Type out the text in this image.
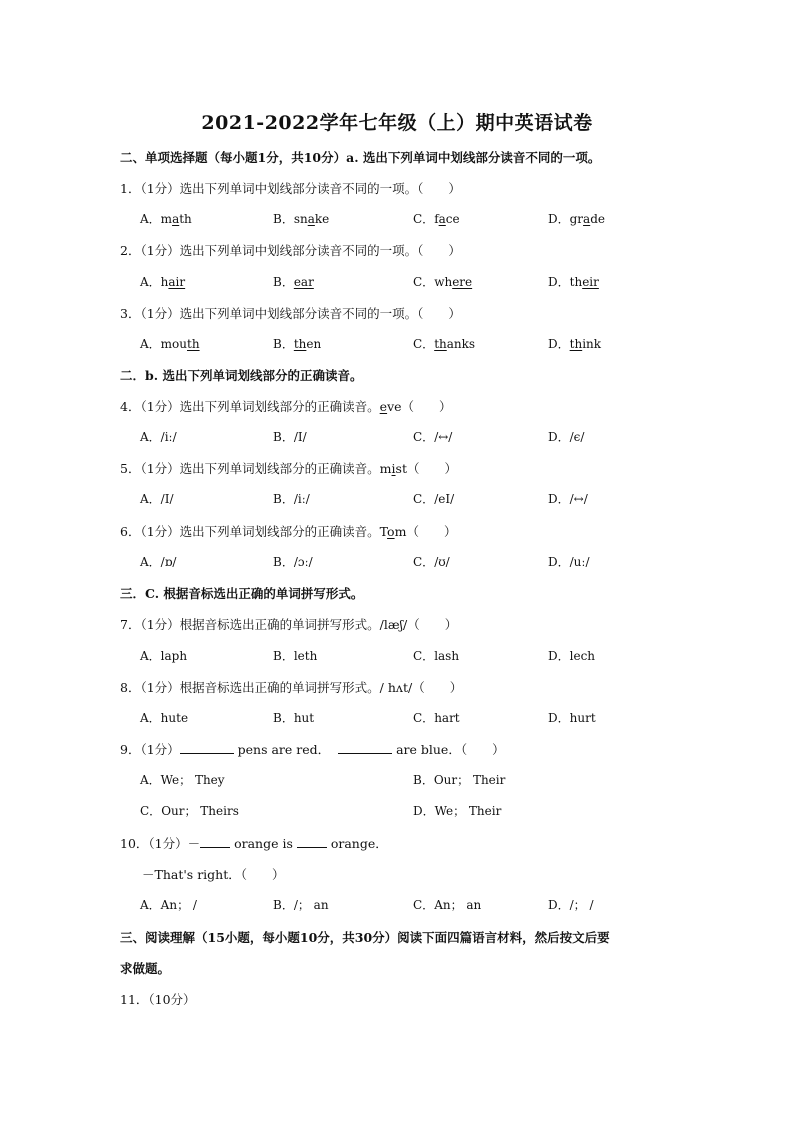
2021-2022学年七年级（上）期中英语试卷
二、单项选择题（每小题1分，共10分）a. 选出下列单词中划线部分读音不同的一项。
1．（1分）选出下列单词中划线部分读音不同的一项。（　　）
A．math	B．snake	C．face	D．grade
2．（1分）选出下列单词中划线部分读音不同的一项。（　　）
A．hair	B．ear	C．where	D．their
3．（1分）选出下列单词中划线部分读音不同的一项。（　　）
A．mouth	B．then	C．thanks	D．think
二．b. 选出下列单词划线部分的正确读音。
4．（1分）选出下列单词划线部分的正确读音。eve（　　）
A．/iː/	B．/I/	C．/↔/	D．/є/
5．（1分）选出下列单词划线部分的正确读音。mist（　　）
A．/I/	B．/iː/	C．/eI/	D．/↔/
6．（1分）选出下列单词划线部分的正确读音。Tom（　　）
A．/ɒ/	B．/ɔː/	C．/ʊ/	D．/uː/
三．C. 根据音标选出正确的单词拼写形式。
7．（1分）根据音标选出正确的单词拼写形式。/læʃ/（　　）
A．laph	B．leth	C．lash	D．lech
8．（1分）根据音标选出正确的单词拼写形式。/ hʌt/（　　）
A．hute	B．hut	C．hart	D．hurt
9．（1分）	pens are red．	are blue．（　　）
A．We； They	B．Our； Their
C．Our； Theirs	D．We； Their
10．（1分）－ orange is  orange．
－That's right．（　　）
A．An； /	B．/； an	C．An； an	D．/； /
三、阅读理解（15小题，每小题10分，共30分）阅读下面四篇语言材料，然后按文后要
求做题。
11．（10分）
